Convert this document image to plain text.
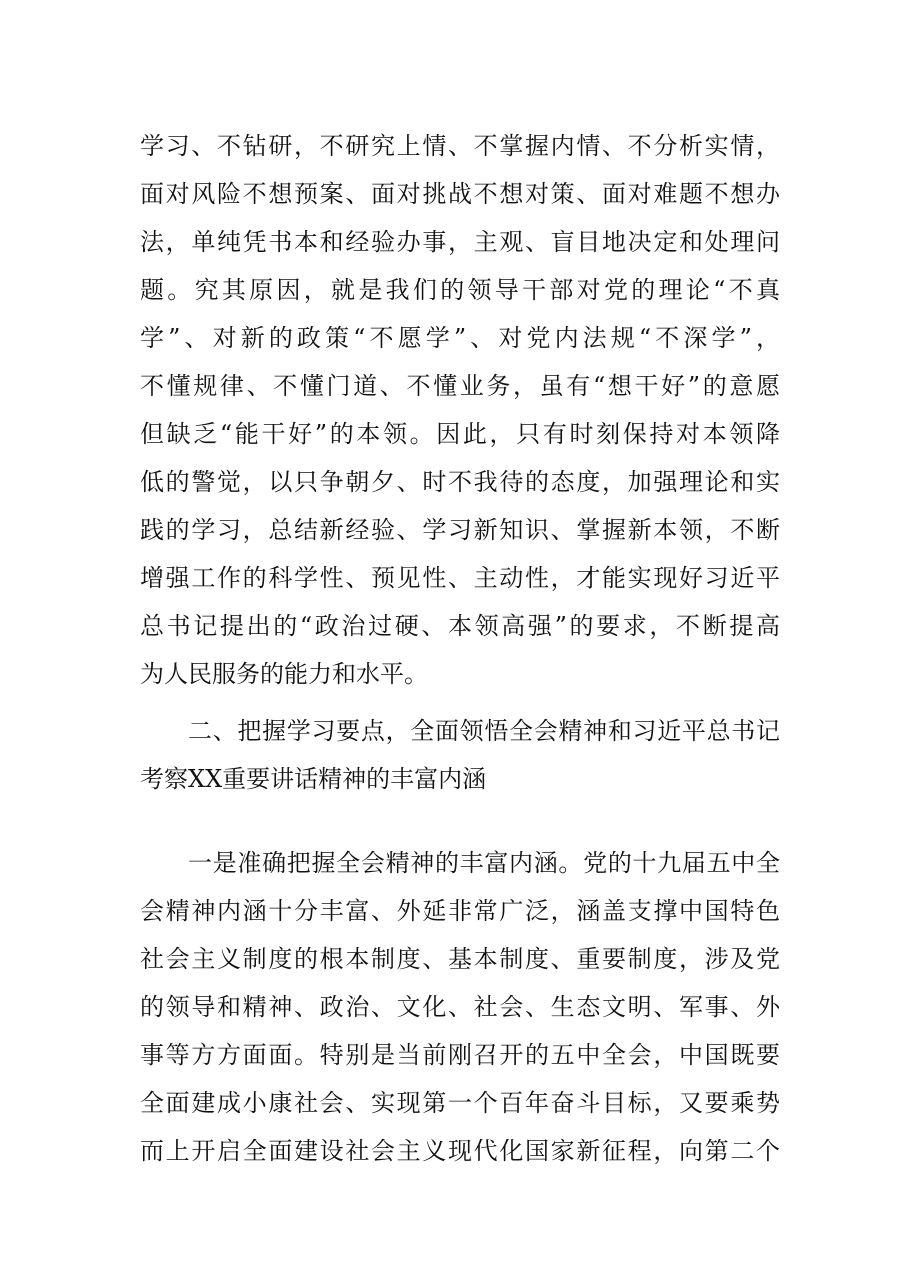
学习、不钻研，不研究上情、不掌握内情、不分析实情，
面对风险不想预案、面对挑战不想对策、面对难题不想办
法，单纯凭书本和经验办事，主观、盲目地决定和处理问
题。究其原因，就是我们的领导干部对党的理论“不真
学”、对新的政策“不愿学”、对党内法规“不深学”，
不懂规律、不懂门道、不懂业务，虽有“想干好”的意愿
但缺乏“能干好”的本领。因此，只有时刻保持对本领降
低的警觉，以只争朝夕、时不我待的态度，加强理论和实
践的学习，总结新经验、学习新知识、掌握新本领，不断
增强工作的科学性、预见性、主动性，才能实现好习近平
总书记提出的“政治过硬、本领高强”的要求，不断提高
为人民服务的能力和水平。
二、把握学习要点，全面领悟全会精神和习近平总书记
考察XX重要讲话精神的丰富内涵
一是准确把握全会精神的丰富内涵。党的十九届五中全
会精神内涵十分丰富、外延非常广泛，涵盖支撑中国特色
社会主义制度的根本制度、基本制度、重要制度，涉及党
的领导和精神、政治、文化、社会、生态文明、军事、外
事等方方面面。特别是当前刚召开的五中全会，中国既要
全面建成小康社会、实现第一个百年奋斗目标，又要乘势
而上开启全面建设社会主义现代化国家新征程，向第二个
